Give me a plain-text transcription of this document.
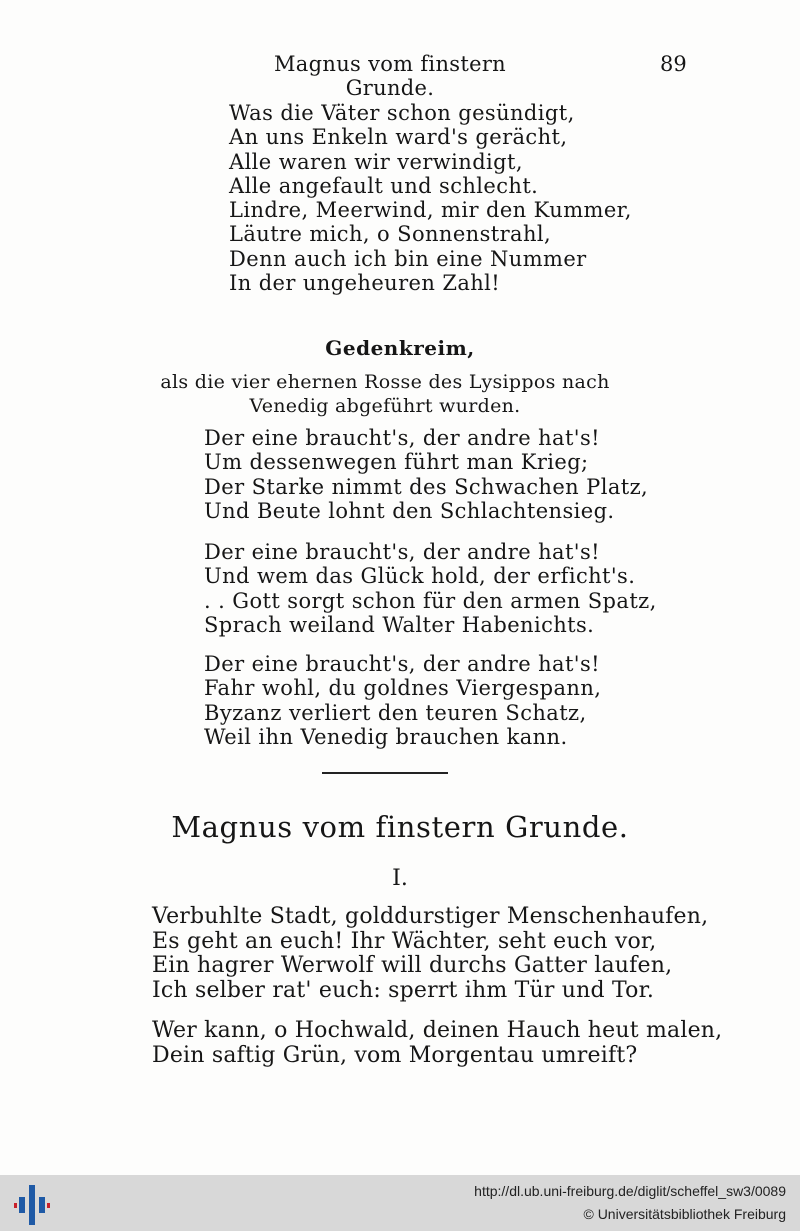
Magnus vom finstern Grunde.
89
Was die Väter schon gesündigt,
An uns Enkeln ward's gerächt,
Alle waren wir verwindigt,
Alle angefault und schlecht.
Lindre, Meerwind, mir den Kummer,
Läutre mich, o Sonnenstrahl,
Denn auch ich bin eine Nummer
In der ungeheuren Zahl!
Gedenkreim,
als die vier ehernen Rosse des Lysippos nach Venedig abgeführt wurden.
Der eine braucht's, der andre hat's!
Um dessenwegen führt man Krieg;
Der Starke nimmt des Schwachen Platz,
Und Beute lohnt den Schlachtensieg.
Der eine braucht's, der andre hat's!
Und wem das Glück hold, der erficht's.
. . Gott sorgt schon für den armen Spatz,
Sprach weiland Walter Habenichts.
Der eine braucht's, der andre hat's!
Fahr wohl, du goldnes Viergespann,
Byzanz verliert den teuren Schatz,
Weil ihn Venedig brauchen kann.
Magnus vom finstern Grunde.
I.
Verbuhlte Stadt, golddurstiger Menschenhaufen,
Es geht an euch! Ihr Wächter, seht euch vor,
Ein hagrer Werwolf will durchs Gatter laufen,
Ich selber rat' euch: sperrt ihm Tür und Tor.
Wer kann, o Hochwald, deinen Hauch heut malen,
Dein saftig Grün, vom Morgentau umreift?
http://dl.ub.uni-freiburg.de/diglit/scheffel_sw3/0089
© Universitätsbibliothek Freiburg
